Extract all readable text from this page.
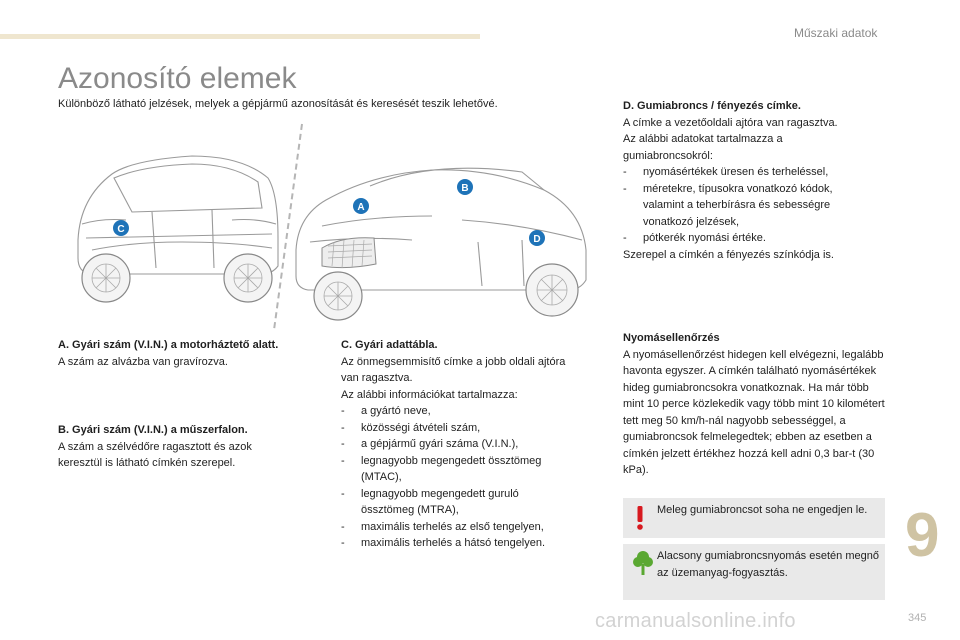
Műszaki adatok
Azonosító elemek
Különböző látható jelzések, melyek a gépjármű azonosítását és keresését teszik lehetővé.
C
A
B
D
A. Gyári szám (V.I.N.) a motorháztető alatt.
A szám az alvázba van gravírozva.
B. Gyári szám (V.I.N.) a műszerfalon.
A szám a szélvédőre ragasztott és azok
keresztül is látható címkén szerepel.
C. Gyári adattábla.
Az önmegsemmisítő címke a jobb oldali ajtóra
van ragasztva.
Az alábbi információkat tartalmazza:
- a gyártó neve,
- közösségi átvételi szám,
- a gépjármű gyári száma (V.I.N.),
- legnagyobb megengedett össztömeg (MTAC),
- legnagyobb megengedett guruló össztömeg (MTRA),
- maximális terhelés az első tengelyen,
- maximális terhelés a hátsó tengelyen.
D. Gumiabroncs / fényezés címke.
A címke a vezetőoldali ajtóra van ragasztva.
Az alábbi adatokat tartalmazza a gumiabroncsokról:
- nyomásértékek üresen és terheléssel,
- méretekre, típusokra vonatkozó kódok, valamint a teherbírásra és sebességre vonatkozó jelzések,
- pótkerék nyomási értéke.
Szerepel a címkén a fényezés színkódja is.
Nyomásellenőrzés
A nyomásellenőrzést hidegen kell elvégezni, legalább havonta egyszer. A címkén található nyomásértékek hideg gumiabroncsokra vonatkoznak. Ha már több mint 10 perce közlekedik vagy több mint 10 kilométert tett meg 50 km/h-nál nagyobb sebességgel, a gumiabroncsok felmelegedtek; ebben az esetben a címkén jelzett értékhez hozzá kell adni 0,3 bar-t (30 kPa).
Meleg gumiabroncsot soha ne engedjen le.
Alacsony gumiabroncsnyomás esetén megnő az üzemanyag-fogyasztás.
9
carmanualsonline.info	345
